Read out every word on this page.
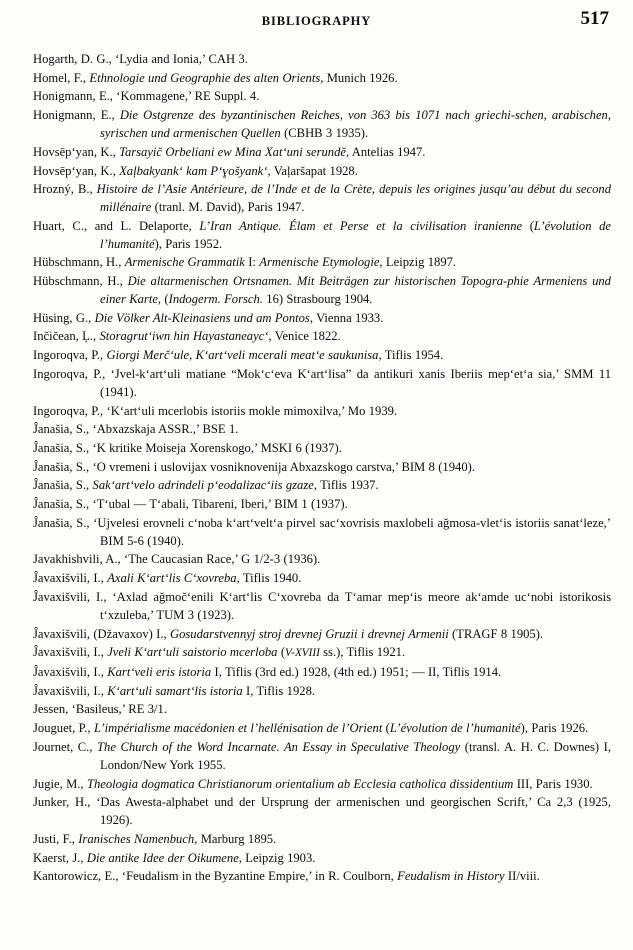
BIBLIOGRAPHY	517

Hogarth, D. G., ‘Lydia and Ionia,’ CAH 3.

Homel, F., Ethnologie und Geographie des alten Orients, Munich 1926.

Honigmann, E., ‘Kommagene,’ RE Suppl. 4.

Honigmann, E., Die Ostgrenze des byzantinischen Reiches, von 363 bis 1071 nach griechi-schen, arabischen, syrischen und armenischen Quellen (CBHB 3 1935).

Hovsēp‘yan, K., Tarsayič Orbeliani ew Mina Xat‘uni serundĕ, Antelias 1947.

Hovsēp‘yan, K., Xaļbakyank‘ kam P‘ɣošyank‘, Vaļaršapat 1928.

Hrozný, B., Histoire de l’Asie Antérieure, de l’Inde et de la Crète, depuis les origines jusqu’au début du second millénaire (tranl. M. David), Paris 1947.

Huart, C., and L. Delaporte, L’Iran Antique. Élam et Perse et la civilisation iranienne (L’évolution de l’humanité), Paris 1952.

Hübschmann, H., Armenische Grammatik I: Armenische Etymologie, Leipzig 1897.

Hübschmann, H., Die altarmenischen Ortsnamen. Mit Beiträgen zur historischen Topogra-phie Armeniens und einer Karte, (Indogerm. Forsch. 16) Strasbourg 1904.

Hüsing, G., Die Völker Alt-Kleinasiens und am Pontos, Vienna 1933.

Inčičean, Ļ., Storagrut‘iwn hin Hayastaneayc‘, Venice 1822.

Ingoroqva, P., Giorgi Merč‘ule, K‘art‘veli mcerali meat‘e saukunisa, Tiflis 1954.

Ingoroqva, P., ‘Jvel-k‘art‘uli matiane “Mok‘c‘eva K‘art‘lisa” da antikuri xanis Iberiis mep‘et‘a sia,’ SMM 11 (1941).

Ingoroqva, P., ‘K‘art‘uli mcerlobis istoriis mokle mimoxilva,’ Mo 1939.

Ĵanašia, S., ‘Abxazskaja ASSR.,’ BSE 1.

Ĵanašia, S., ‘K kritike Moiseja Xorenskogo,’ MSKI 6 (1937).

Ĵanašia, S., ‘O vremeni i uslovijax vosniknovenija Abxazskogo carstva,’ BIM 8 (1940).

Ĵanašia, S., Sak‘art‘velo adrindeli p‘eodalizac‘iis gzaze, Tiflis 1937.

Ĵanašia, S., ‘T‘ubal — T‘abali, Tibareni, Iberi,’ BIM 1 (1937).

Ĵanašia, S., ‘Ujvelesi erovneli c‘noba k‘art‘velt‘a pirvel sac‘xovrisis maxlobeli ağmosa-vlet‘is istoriis sanat‘leze,’ BIM 5-6 (1940).

Javakhishvili, A., ‘The Caucasian Race,’ G 1/2-3 (1936).

Ĵavaxišvili, I., Axali K‘art‘lis C‘xovreba, Tiflis 1940.

Ĵavaxišvili, I., ‘Axlad ağmoč‘enili K‘art‘lis C‘xovreba da T‘amar mep‘is meore ak‘amde uc‘nobi istorikosis t‘xzuleba,’ TUM 3 (1923).

Ĵavaxišvili, (Džavaxov) I., Gosudarstvennyj stroj drevnej Gruzii i drevnej Armenii (TRAGF 8 1905).

Ĵavaxišvili, I., Jveli K‘art‘uli saistorio mcerloba (V-XVIII ss.), Tiflis 1921.

Ĵavaxišvili, I., Kart‘veli eris istoria I, Tiflis (3rd ed.) 1928, (4th ed.) 1951; — II, Tiflis 1914.

Ĵavaxišvili, I., K‘art‘uli samart‘lis istoria I, Tiflis 1928.

Jessen, ‘Basileus,’ RE 3/1.

Jouguet, P., L’impérialisme macédonien et l’hellénisation de l’Orient (L’évolution de l’humanité), Paris 1926.

Journet, C., The Church of the Word Incarnate. An Essay in Speculative Theology (transl. A. H. C. Downes) I, London/New York 1955.

Jugie, M., Theologia dogmatica Christianorum orientalium ab Ecclesia catholica dissidentium III, Paris 1930.

Junker, H., ‘Das Awesta-alphabet und der Ursprung der armenischen und georgischen Scrift,’ Ca 2,3 (1925, 1926).

Justi, F., Iranisches Namenbuch, Marburg 1895.

Kaerst, J., Die antike Idee der Oikumene, Leipzig 1903.

Kantorowicz, E., ‘Feudalism in the Byzantine Empire,’ in R. Coulborn, Feudalism in History II/viii.
